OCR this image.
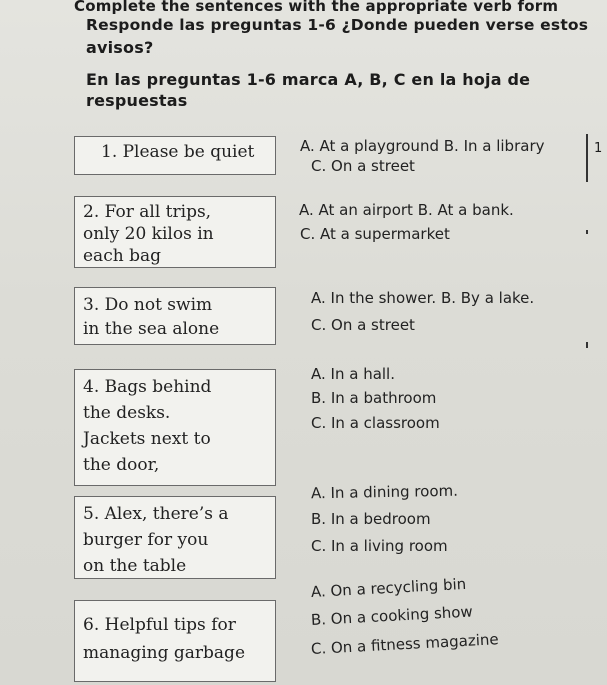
Complete the sentences with the appropriate verb form
Responde las preguntas 1-6 ¿Donde pueden verse estos
avisos?
En las preguntas 1-6 marca A, B, C en la hoja de
respuestas
1. Please be quiet	A. At a playground B. In a library
C. On a street
2. For all trips,
only 20 kilos in
each bag
A. At an airport B. At a bank.
C. At a supermarket
3. Do not swim
in the sea alone
A. In the shower. B. By a lake.
C. On a street
4. Bags behind
the desks.
Jackets next to
the door,
A. In a hall.
B. In a bathroom
C. In a classroom
5. Alex, there’s a
burger for you
on the table
A. In a dining room.
B. In a bedroom
C. In a living room
6. Helpful tips for
managing garbage
A. On a recycling bin
B. On a cooking show
C. On a fitness magazine
1
